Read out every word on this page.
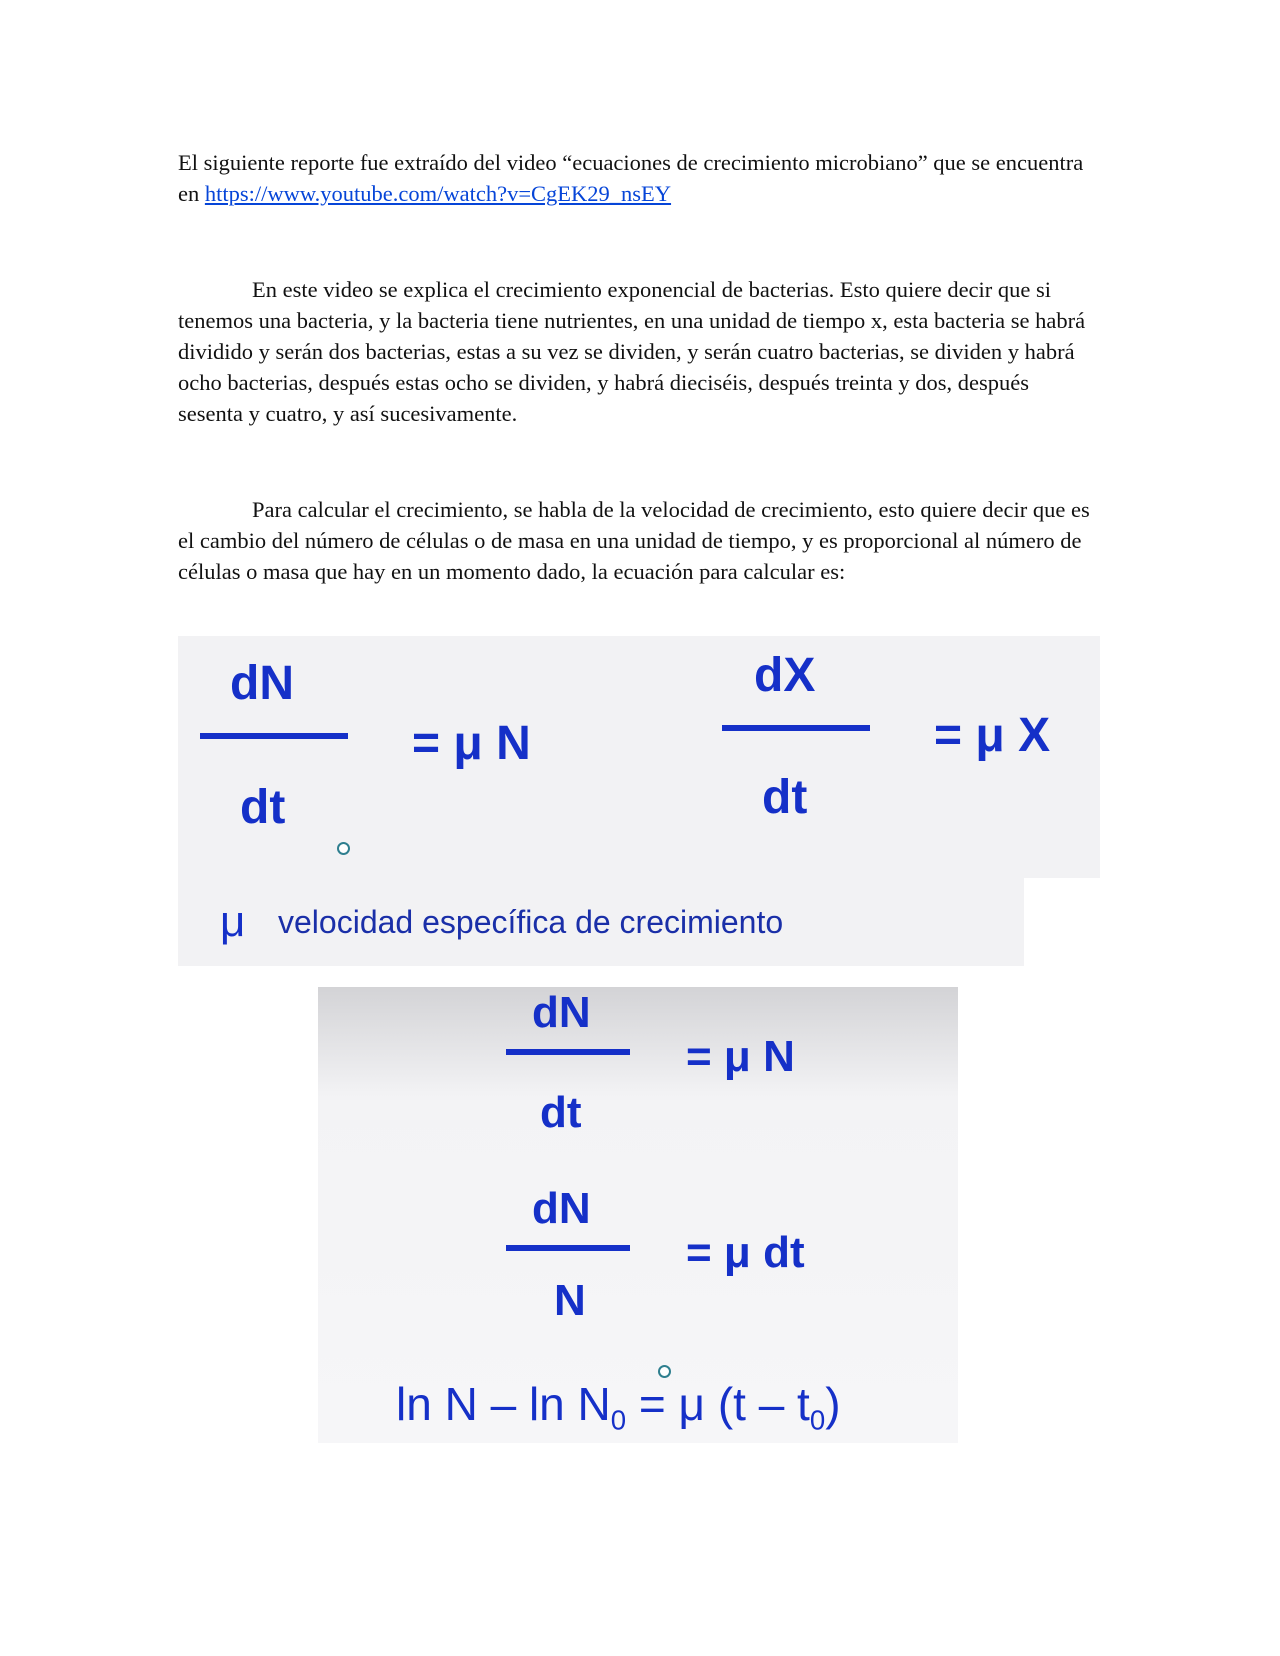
El siguiente reporte fue extraído del video “ecuaciones de crecimiento microbiano” que se encuentra en https://www.youtube.com/watch?v=CgEK29_nsEY

En este video se explica el crecimiento exponencial de bacterias. Esto quiere decir que si tenemos una bacteria, y la bacteria tiene nutrientes, en una unidad de tiempo x, esta bacteria se habrá dividido y serán dos bacterias, estas a su vez se dividen, y serán cuatro bacterias, se dividen y habrá ocho bacterias, después estas ocho se dividen, y habrá dieciséis, después treinta y dos, después sesenta y cuatro, y así sucesivamente.

Para calcular el crecimiento, se habla de la velocidad de crecimiento, esto quiere decir que es el cambio del número de células o de masa en una unidad de tiempo, y es proporcional al número de células o masa que hay en un momento dado, la ecuación para calcular es:

dN
dt
= μ N
dX
dt
= μ X
μ velocidad específica de crecimiento
dN
dt
= μ N
dN
N
= μ dt
$\ln N - \ln N_0 = \mu$ $(t - t_0)$
